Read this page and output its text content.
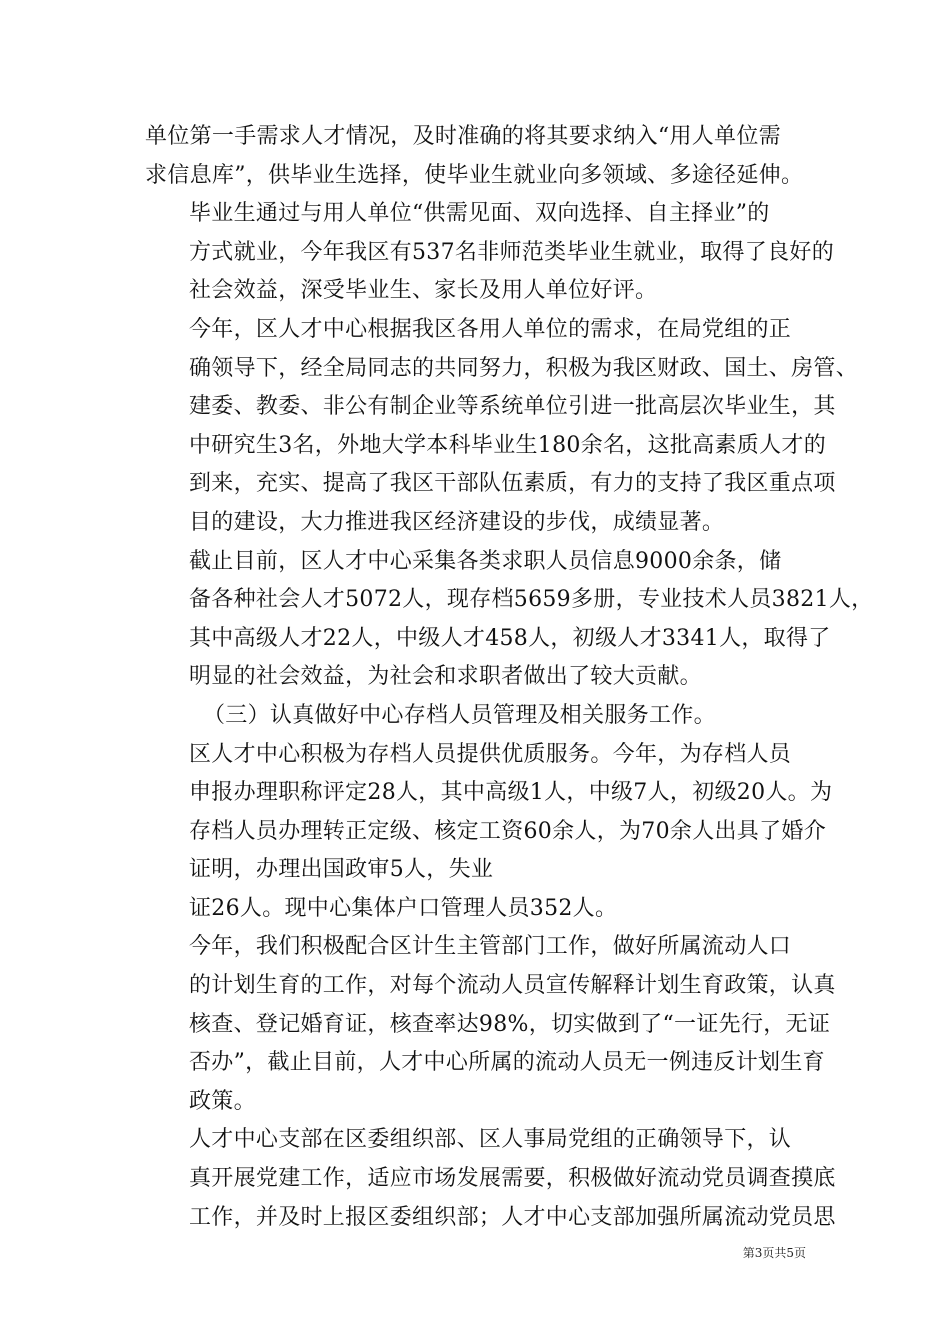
单位第一手需求人才情况，及时准确的将其要求纳入“用人单位需
求信息库”，供毕业生选择，使毕业生就业向多领域、多途径延伸。

毕业生通过与用人单位“供需见面、双向选择、自主择业”的
方式就业，今年我区有537名非师范类毕业生就业，取得了良好的
社会效益，深受毕业生、家长及用人单位好评。

今年，区人才中心根据我区各用人单位的需求，在局党组的正
确领导下，经全局同志的共同努力，积极为我区财政、国土、房管、
建委、教委、非公有制企业等系统单位引进一批高层次毕业生，其
中研究生3名，外地大学本科毕业生180余名，这批高素质人才的
到来，充实、提高了我区干部队伍素质，有力的支持了我区重点项
目的建设，大力推进我区经济建设的步伐，成绩显著。

截止目前，区人才中心采集各类求职人员信息9000余条，储
备各种社会人才5072人，现存档5659多册，专业技术人员3821人，
其中高级人才22人，中级人才458人，初级人才3341人，取得了
明显的社会效益，为社会和求职者做出了较大贡献。

（三）认真做好中心存档人员管理及相关服务工作。

区人才中心积极为存档人员提供优质服务。今年，为存档人员
申报办理职称评定28人，其中高级1人，中级7人，初级20人。为
存档人员办理转正定级、核定工资60余人，为70余人出具了婚介
证明，办理出国政审5人，失业

证26人。现中心集体户口管理人员352人。

今年，我们积极配合区计生主管部门工作，做好所属流动人口
的计划生育的工作，对每个流动人员宣传解释计划生育政策，认真
核查、登记婚育证，核查率达98%，切实做到了“一证先行，无证
否办”，截止目前，人才中心所属的流动人员无一例违反计划生育
政策。

人才中心支部在区委组织部、区人事局党组的正确领导下，认
真开展党建工作，适应市场发展需要，积极做好流动党员调查摸底
工作，并及时上报区委组织部；人才中心支部加强所属流动党员思

第3页共5页
